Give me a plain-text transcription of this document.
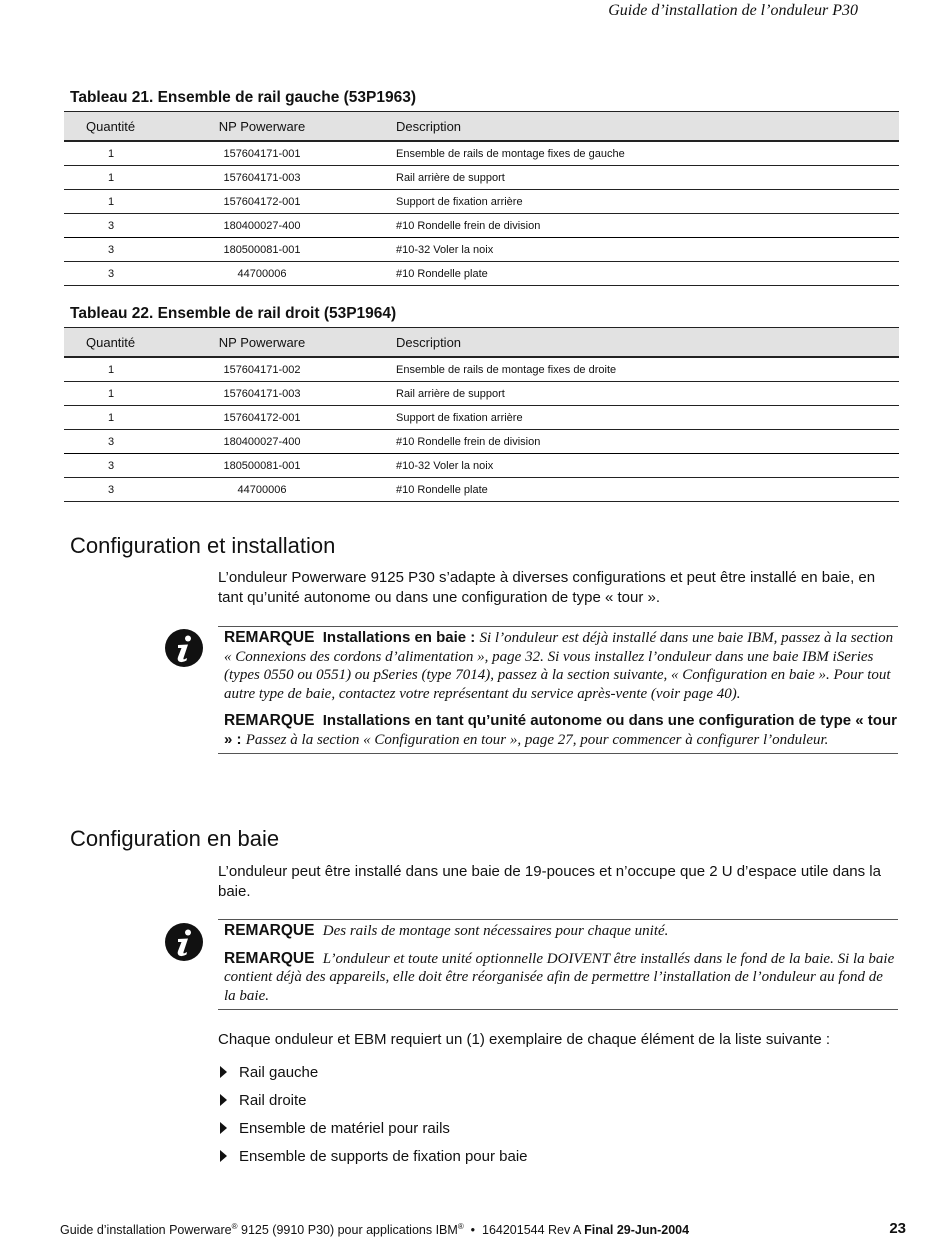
Guide d’installation de l’onduleur P30
Tableau 21. Ensemble de rail gauche (53P1963)
Quantité	NP Powerware	Description
1	157604171-001	Ensemble de rails de montage fixes de gauche
1	157604171-003	Rail arrière de support
1	157604172-001	Support de fixation arrière
3	180400027-400	#10 Rondelle frein de division
3	180500081-001	#10-32 Voler la noix
3	44700006	#10 Rondelle plate
Tableau 22. Ensemble de rail droit (53P1964)
Quantité	NP Powerware	Description
1	157604171-002	Ensemble de rails de montage fixes de droite
1	157604171-003	Rail arrière de support
1	157604172-001	Support de fixation arrière
3	180400027-400	#10 Rondelle frein de division
3	180500081-001	#10-32 Voler la noix
3	44700006	#10 Rondelle plate
Configuration et installation

L’onduleur Powerware 9125 P30 s’adapte à diverses configurations et peut être installé en baie, en tant qu’unité autonome ou dans une configuration de type « tour ».

REMARQUE Installations en baie : Si l’onduleur est déjà installé dans une baie IBM, passez à la section « Connexions des cordons d’alimentation », page 32. Si vous installez l’onduleur dans une baie IBM iSeries (types 0550 ou 0551) ou pSeries (type 7014), passez à la section suivante, « Configuration en baie ». Pour tout autre type de baie, contactez votre représentant du service après-vente (voir page 40).
REMARQUE Installations en tant qu’unité autonome ou dans une configuration de type « tour » : Passez à la section « Configuration en tour », page 27, pour commencer à configurer l’onduleur.
Configuration en baie

L’onduleur peut être installé dans une baie de 19-pouces et n’occupe que 2 U d’espace utile dans la baie.

REMARQUE Des rails de montage sont nécessaires pour chaque unité.
REMARQUE L’onduleur et toute unité optionnelle DOIVENT être installés dans le fond de la baie. Si la baie contient déjà des appareils, elle doit être réorganisée afin de permettre l’installation de l’onduleur au fond de la baie.

Chaque onduleur et EBM requiert un (1) exemplaire de chaque élément de la liste suivante :

Rail gauche
Rail droite
Ensemble de matériel pour rails
Ensemble de supports de fixation pour baie
Guide d’installation Powerware® 9125 (9910 P30) pour applications IBM®  •  164201544 Rev A Final 29-Jun-2004	23
